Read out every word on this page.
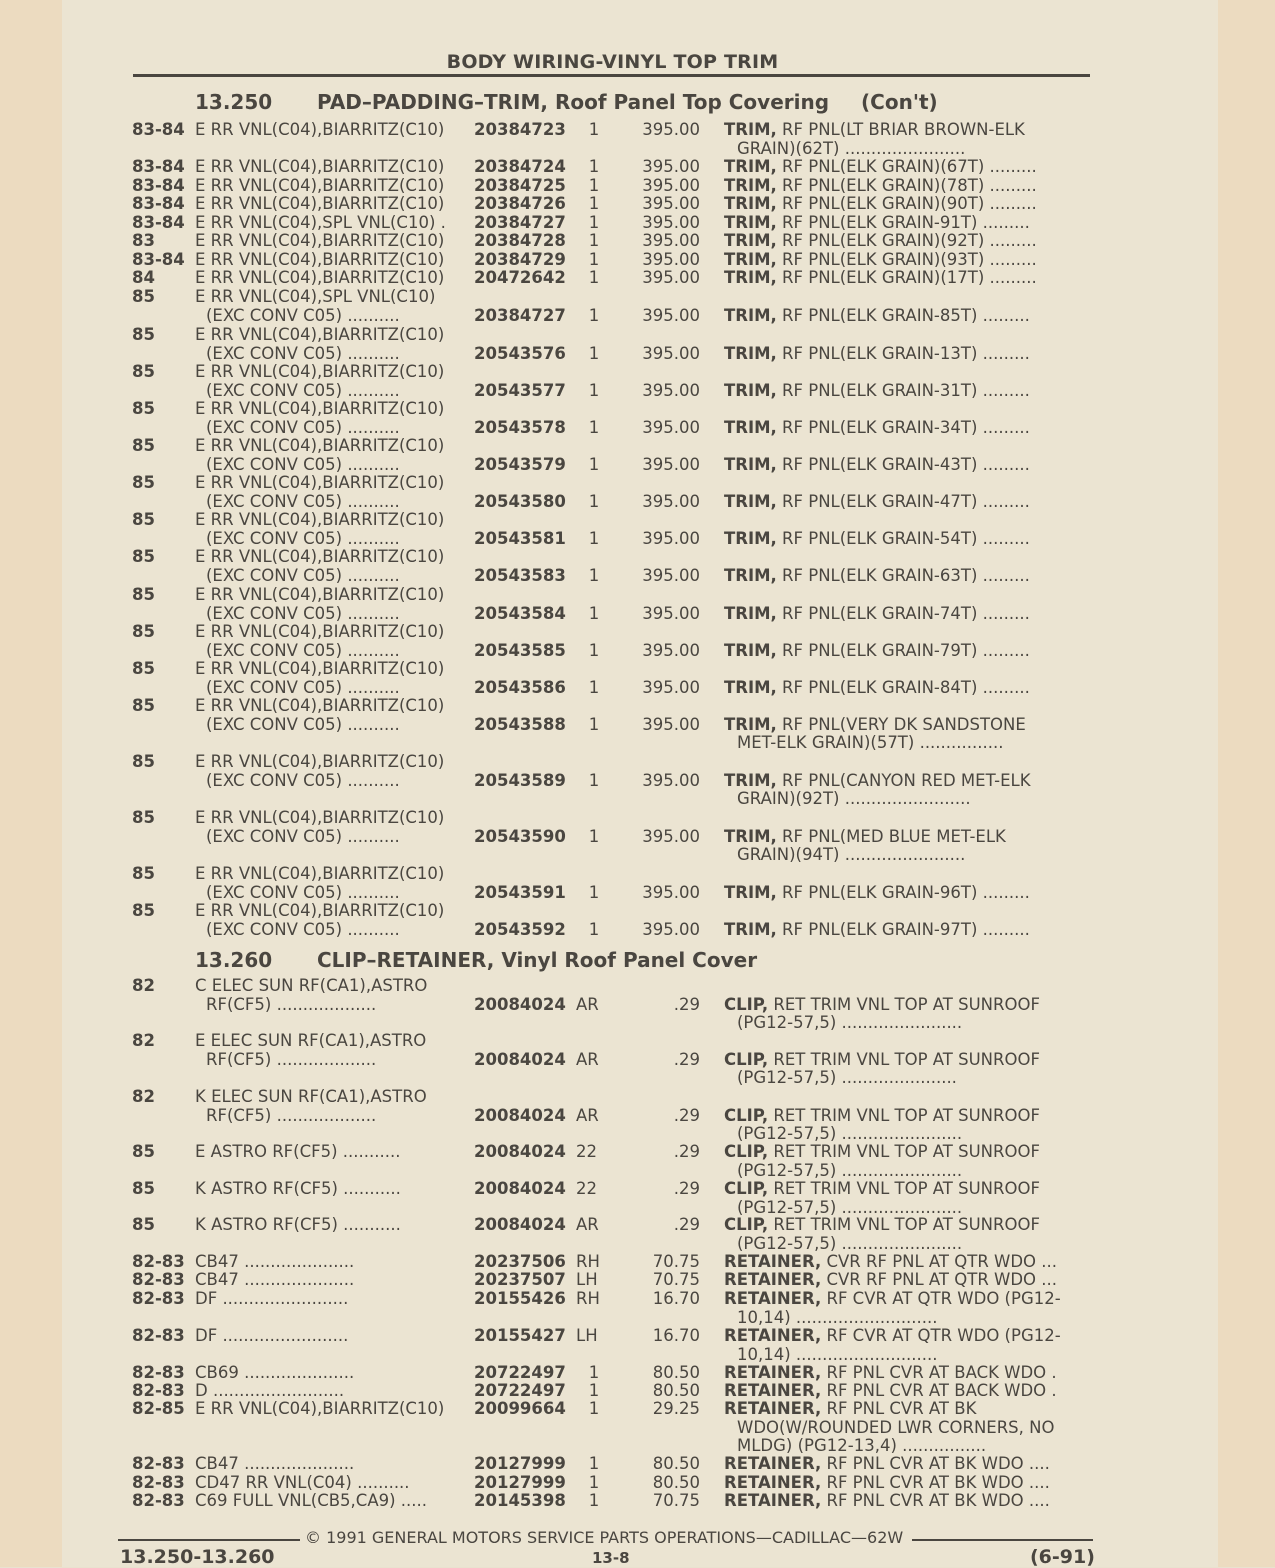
BODY WIRING-VINYL TOP TRIM
13.250 PAD–PADDING–TRIM, Roof Panel Top Covering (Con't)
13.260 CLIP–RETAINER, Vinyl Roof Panel Cover
83-84 E RR VNL(C04),BIARRITZ(C10)	20384723	1	395.00 TRIM, RF PNL(LT BRIAR BROWN-ELK
GRAIN)(62T) .......................
83-84 E RR VNL(C04),BIARRITZ(C10)	20384724	1	395.00 TRIM, RF PNL(ELK GRAIN)(67T) .........
83-84 E RR VNL(C04),BIARRITZ(C10)	20384725	1	395.00 TRIM, RF PNL(ELK GRAIN)(78T) .........
83-84 E RR VNL(C04),BIARRITZ(C10)	20384726	1	395.00 TRIM, RF PNL(ELK GRAIN)(90T) .........
83-84 E RR VNL(C04),SPL VNL(C10) .	20384727	1	395.00 TRIM, RF PNL(ELK GRAIN-91T) .........
83	E RR VNL(C04),BIARRITZ(C10)	20384728	1	395.00 TRIM, RF PNL(ELK GRAIN)(92T) .........
83-84 E RR VNL(C04),BIARRITZ(C10)	20384729	1	395.00 TRIM, RF PNL(ELK GRAIN)(93T) .........
84	E RR VNL(C04),BIARRITZ(C10)	20472642	1	395.00 TRIM, RF PNL(ELK GRAIN)(17T) .........
85	E RR VNL(C04),SPL VNL(C10)
(EXC CONV C05) ..........	20384727	1	395.00 TRIM, RF PNL(ELK GRAIN-85T) .........
85	E RR VNL(C04),BIARRITZ(C10)
(EXC CONV C05) ..........	20543576	1	395.00 TRIM, RF PNL(ELK GRAIN-13T) .........
85	E RR VNL(C04),BIARRITZ(C10)
(EXC CONV C05) ..........	20543577	1	395.00 TRIM, RF PNL(ELK GRAIN-31T) .........
85	E RR VNL(C04),BIARRITZ(C10)
(EXC CONV C05) ..........	20543578	1	395.00 TRIM, RF PNL(ELK GRAIN-34T) .........
85	E RR VNL(C04),BIARRITZ(C10)
(EXC CONV C05) ..........	20543579	1	395.00 TRIM, RF PNL(ELK GRAIN-43T) .........
85	E RR VNL(C04),BIARRITZ(C10)
(EXC CONV C05) ..........	20543580	1	395.00 TRIM, RF PNL(ELK GRAIN-47T) .........
85	E RR VNL(C04),BIARRITZ(C10)
(EXC CONV C05) ..........	20543581	1	395.00 TRIM, RF PNL(ELK GRAIN-54T) .........
85	E RR VNL(C04),BIARRITZ(C10)
(EXC CONV C05) ..........	20543583	1	395.00 TRIM, RF PNL(ELK GRAIN-63T) .........
85	E RR VNL(C04),BIARRITZ(C10)
(EXC CONV C05) ..........	20543584	1	395.00 TRIM, RF PNL(ELK GRAIN-74T) .........
85	E RR VNL(C04),BIARRITZ(C10)
(EXC CONV C05) ..........	20543585	1	395.00 TRIM, RF PNL(ELK GRAIN-79T) .........
85	E RR VNL(C04),BIARRITZ(C10)
(EXC CONV C05) ..........	20543586	1	395.00 TRIM, RF PNL(ELK GRAIN-84T) .........
85	E RR VNL(C04),BIARRITZ(C10)
(EXC CONV C05) ..........	20543588	1	395.00 TRIM, RF PNL(VERY DK SANDSTONE
MET-ELK GRAIN)(57T) ................
85	E RR VNL(C04),BIARRITZ(C10)
(EXC CONV C05) ..........	20543589	1	395.00 TRIM, RF PNL(CANYON RED MET-ELK
GRAIN)(92T) ........................
85	E RR VNL(C04),BIARRITZ(C10)
(EXC CONV C05) ..........	20543590	1	395.00 TRIM, RF PNL(MED BLUE MET-ELK
GRAIN)(94T) .......................
85	E RR VNL(C04),BIARRITZ(C10)
(EXC CONV C05) ..........	20543591	1	395.00 TRIM, RF PNL(ELK GRAIN-96T) .........
85	E RR VNL(C04),BIARRITZ(C10)
(EXC CONV C05) ..........	20543592	1	395.00 TRIM, RF PNL(ELK GRAIN-97T) .........
82	C ELEC SUN RF(CA1),ASTRO
RF(CF5) ...................	20084024 AR	.29 CLIP, RET TRIM VNL TOP AT SUNROOF
(PG12-57,5) .......................
82	E ELEC SUN RF(CA1),ASTRO
RF(CF5) ...................	20084024 AR	.29 CLIP, RET TRIM VNL TOP AT SUNROOF
(PG12-57,5) ......................
82	K ELEC SUN RF(CA1),ASTRO
RF(CF5) ...................	20084024 AR	.29 CLIP, RET TRIM VNL TOP AT SUNROOF
(PG12-57,5) .......................
85	E ASTRO RF(CF5) ...........	20084024 22	.29 CLIP, RET TRIM VNL TOP AT SUNROOF
(PG12-57,5) .......................
85	K ASTRO RF(CF5) ...........	20084024 22	.29 CLIP, RET TRIM VNL TOP AT SUNROOF
(PG12-57,5) .......................
85	K ASTRO RF(CF5) ...........	20084024 AR	.29 CLIP, RET TRIM VNL TOP AT SUNROOF
(PG12-57,5) .......................
82-83 CB47 .....................	20237506 RH	70.75 RETAINER, CVR RF PNL AT QTR WDO ...
82-83 CB47 .....................	20237507 LH	70.75 RETAINER, CVR RF PNL AT QTR WDO ...
82-83 DF ........................	20155426 RH	16.70 RETAINER, RF CVR AT QTR WDO (PG12-
10,14) ...........................
82-83 DF ........................	20155427 LH	16.70 RETAINER, RF CVR AT QTR WDO (PG12-
10,14) ...........................
82-83 CB69 .....................	20722497	1	80.50 RETAINER, RF PNL CVR AT BACK WDO .
82-83 D .........................	20722497	1	80.50 RETAINER, RF PNL CVR AT BACK WDO .
82-85 E RR VNL(C04),BIARRITZ(C10)	20099664	1	29.25 RETAINER, RF PNL CVR AT BK
WDO(W/ROUNDED LWR CORNERS, NO
MLDG) (PG12-13,4) ................
82-83 CB47 .....................	20127999	1	80.50 RETAINER, RF PNL CVR AT BK WDO ....
82-83 CD47 RR VNL(C04) ..........	20127999	1	80.50 RETAINER, RF PNL CVR AT BK WDO ....
82-83 C69 FULL VNL(CB5,CA9) .....	20145398	1	70.75 RETAINER, RF PNL CVR AT BK WDO ....
© 1991 GENERAL MOTORS SERVICE PARTS OPERATIONS—CADILLAC—62W
13.250-13.260	13-8	(6-91)
